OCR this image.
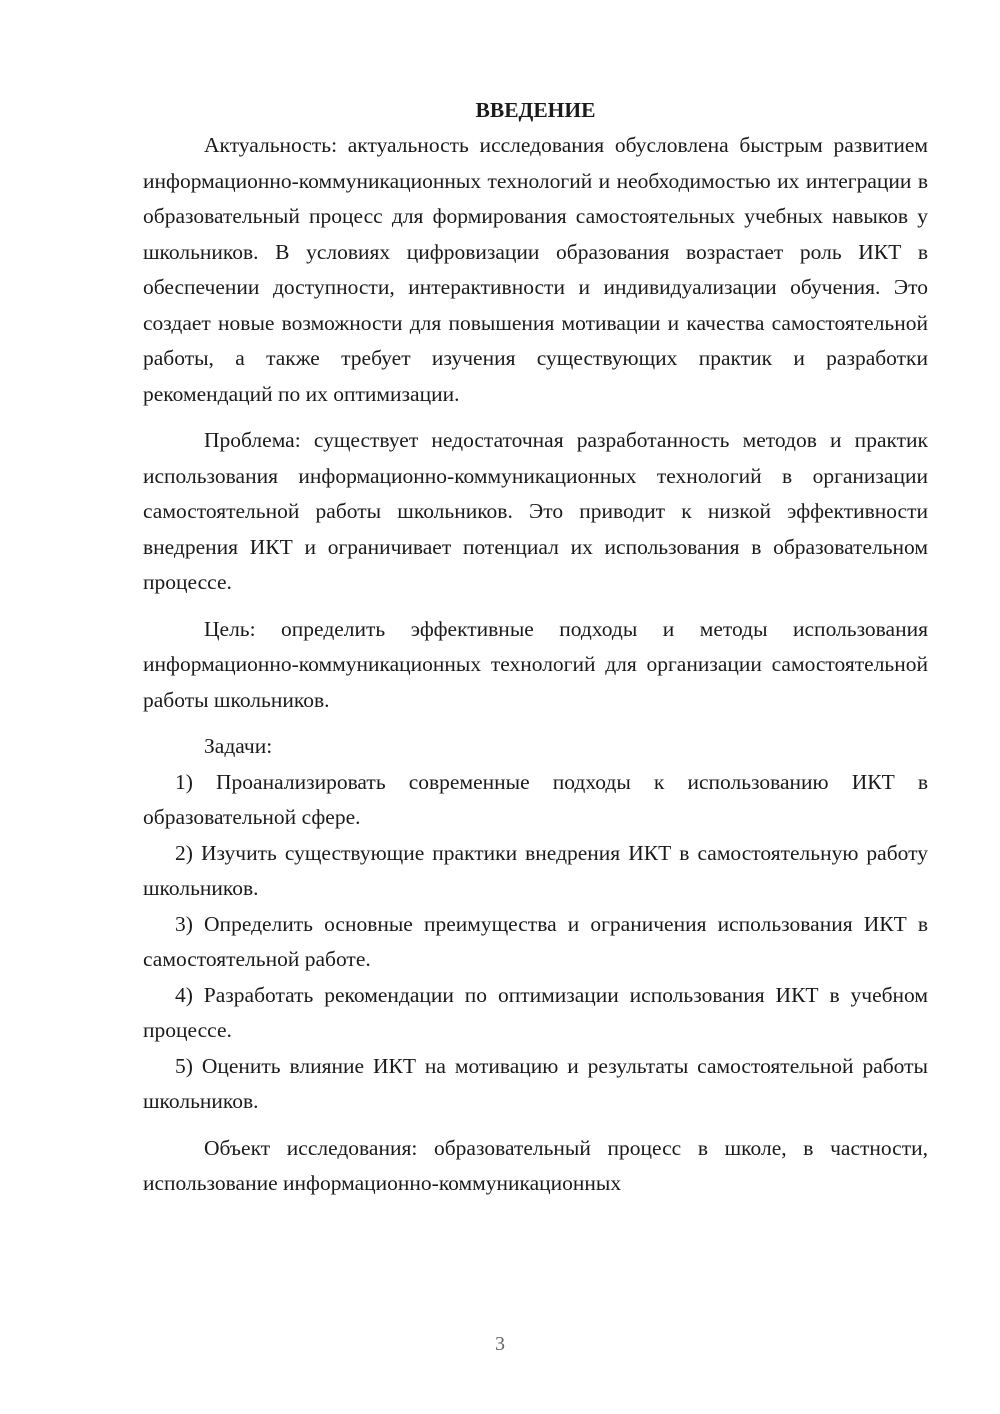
ВВЕДЕНИЕ

Актуальность: актуальность исследования обусловлена быстрым развитием информационно-коммуникационных технологий и необходимостью их интеграции в образовательный процесс для формирования самостоятельных учебных навыков у школьников. В условиях цифровизации образования возрастает роль ИКТ в обеспечении доступности, интерактивности и индивидуализации обучения. Это создает новые возможности для повышения мотивации и качества самостоятельной работы, а также требует изучения существующих практик и разработки рекомендаций по их оптимизации.

Проблема: существует недостаточная разработанность методов и практик использования информационно-коммуникационных технологий в организации самостоятельной работы школьников. Это приводит к низкой эффективности внедрения ИКТ и ограничивает потенциал их использования в образовательном процессе.

Цель: определить эффективные подходы и методы использования информационно-коммуникационных технологий для организации самостоятельной работы школьников.

Задачи:

1) Проанализировать современные подходы к использованию ИКТ в образовательной сфере.

2) Изучить существующие практики внедрения ИКТ в самостоятельную работу школьников.

3) Определить основные преимущества и ограничения использования ИКТ в самостоятельной работе.

4) Разработать рекомендации по оптимизации использования ИКТ в учебном процессе.

5) Оценить влияние ИКТ на мотивацию и результаты самостоятельной работы школьников.

Объект исследования: образовательный процесс в школе, в частности, использование информационно-коммуникационных

3
